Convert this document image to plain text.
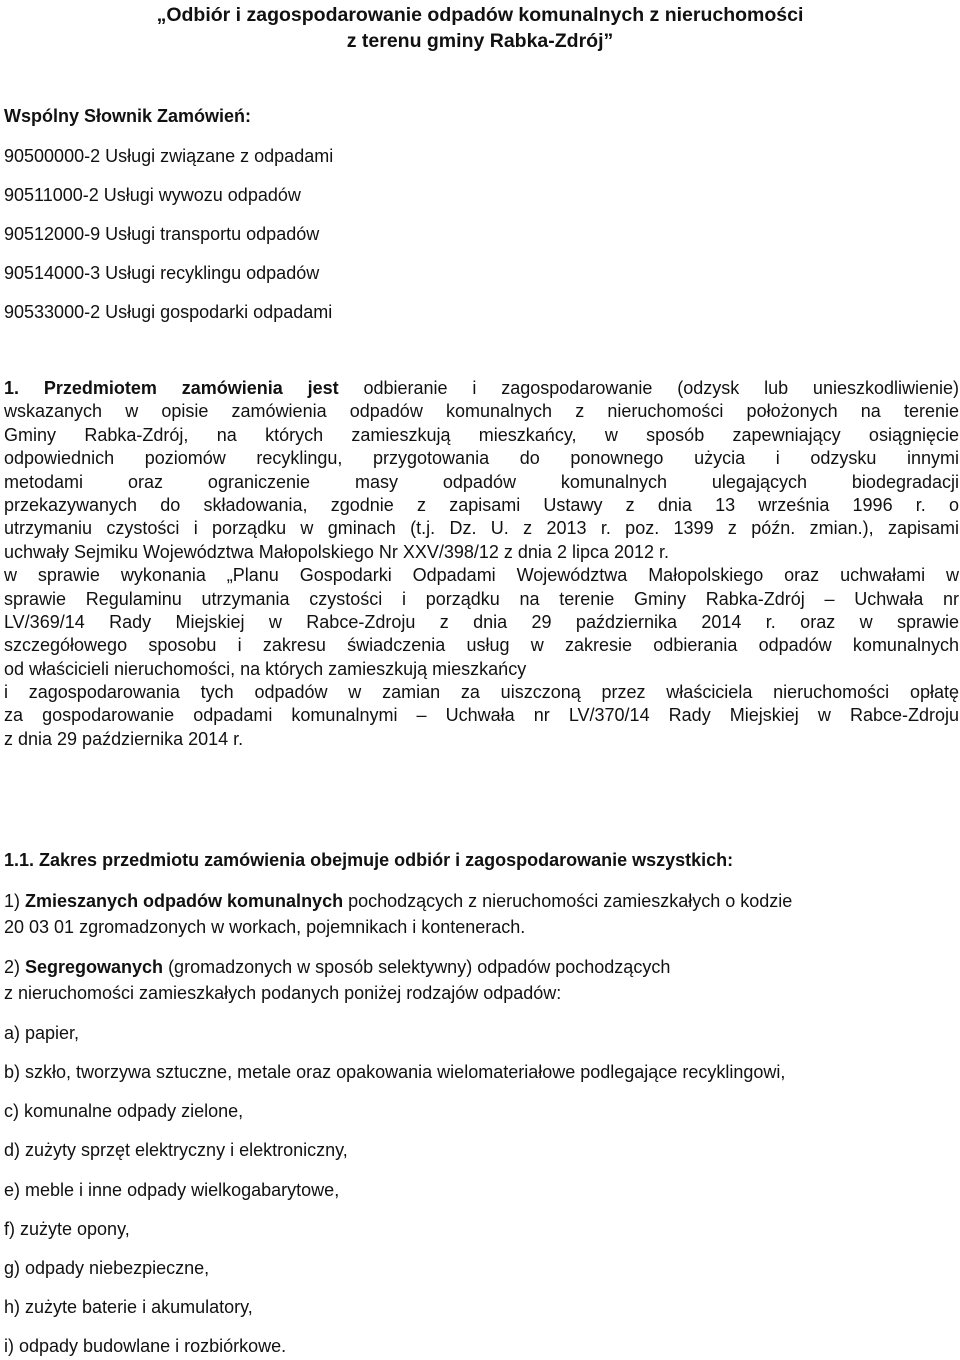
„Odbiór i zagospodarowanie odpadów komunalnych z nieruchomości
z terenu gminy Rabka-Zdrój”
Wspólny Słownik Zamówień:
90500000-2 Usługi związane z odpadami
90511000-2 Usługi wywozu odpadów
90512000-9 Usługi transportu odpadów
90514000-3 Usługi recyklingu odpadów
90533000-2 Usługi gospodarki odpadami
1. Przedmiotem zamówienia jest odbieranie i zagospodarowanie (odzysk lub unieszkodliwienie)
wskazanych w opisie zamówienia odpadów komunalnych z nieruchomości położonych na terenie
Gminy Rabka-Zdrój, na których zamieszkują mieszkańcy, w sposób zapewniający osiągnięcie
odpowiednich poziomów recyklingu, przygotowania do ponownego użycia i odzysku innymi
metodami oraz ograniczenie masy odpadów komunalnych ulegających biodegradacji
przekazywanych do składowania, zgodnie z zapisami Ustawy z dnia 13 września 1996 r. o
utrzymaniu czystości i porządku w gminach (t.j. Dz. U. z 2013 r. poz. 1399 z późn. zmian.), zapisami
uchwały Sejmiku Województwa Małopolskiego Nr XXV/398/12 z dnia 2 lipca 2012 r.
w sprawie wykonania „Planu Gospodarki Odpadami Województwa Małopolskiego oraz uchwałami w
sprawie Regulaminu utrzymania czystości i porządku na terenie Gminy Rabka-Zdrój – Uchwała nr
LV/369/14 Rady Miejskiej w Rabce-Zdroju z dnia 29 października 2014 r. oraz w sprawie
szczegółowego sposobu i zakresu świadczenia usług w zakresie odbierania odpadów komunalnych
od właścicieli nieruchomości, na których zamieszkują mieszkańcy
i zagospodarowania tych odpadów w zamian za uiszczoną przez właściciela nieruchomości opłatę
za gospodarowanie odpadami komunalnymi – Uchwała nr LV/370/14 Rady Miejskiej w Rabce-Zdroju
z dnia 29 października 2014 r.
1.1. Zakres przedmiotu zamówienia obejmuje odbiór i zagospodarowanie wszystkich:
1) Zmieszanych odpadów komunalnych pochodzących z nieruchomości zamieszkałych o kodzie
20 03 01 zgromadzonych w workach, pojemnikach i kontenerach.
2) Segregowanych (gromadzonych w sposób selektywny) odpadów pochodzących
z nieruchomości zamieszkałych podanych poniżej rodzajów odpadów:
a) papier,
b) szkło, tworzywa sztuczne, metale oraz opakowania wielomateriałowe podlegające recyklingowi,
c) komunalne odpady zielone,
d) zużyty sprzęt elektryczny i elektroniczny,
e) meble i inne odpady wielkogabarytowe,
f) zużyte opony,
g) odpady niebezpieczne,
h) zużyte baterie i akumulatory,
i) odpady budowlane i rozbiórkowe.
